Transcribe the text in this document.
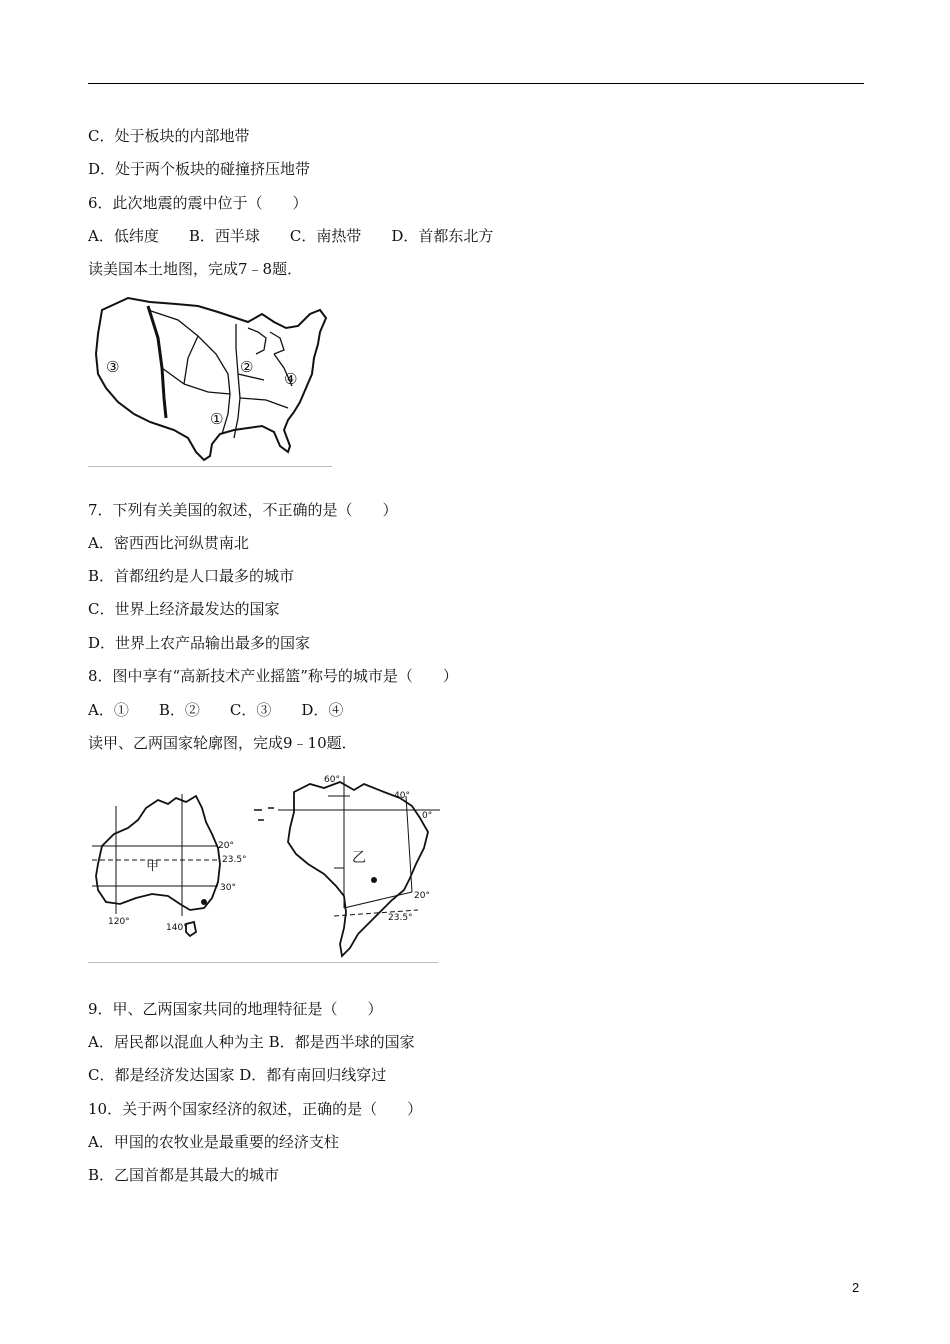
C．处于板块的内部地带
D．处于两个板块的碰撞挤压地带
6．此次地震的震中位于（　　）
A．低纬度　　B．西半球　　C．南热带　　D．首都东北方
读美国本土地图，完成7﹣8题．
①
②
③
④
7．下列有关美国的叙述，不正确的是（　　）
A．密西西比河纵贯南北
B．首都纽约是人口最多的城市
C．世界上经济最发达的国家
D．世界上农产品输出最多的国家
8．图中享有“高新技术产业摇篮”称号的城市是（　　）
A．①　　B．②　　C．③　　D．④
读甲、乙两国家轮廓图，完成9﹣10题．
20°
23.5°
30°
120°
140°
甲
60°
40°
0°
20°
23.5°
乙
9．甲、乙两国家共同的地理特征是（　　）
A．居民都以混血人种为主 B．都是西半球的国家
C．都是经济发达国家 D．都有南回归线穿过
10．关于两个国家经济的叙述，正确的是（　　）
A．甲国的农牧业是最重要的经济支柱
B．乙国首都是其最大的城市
2
